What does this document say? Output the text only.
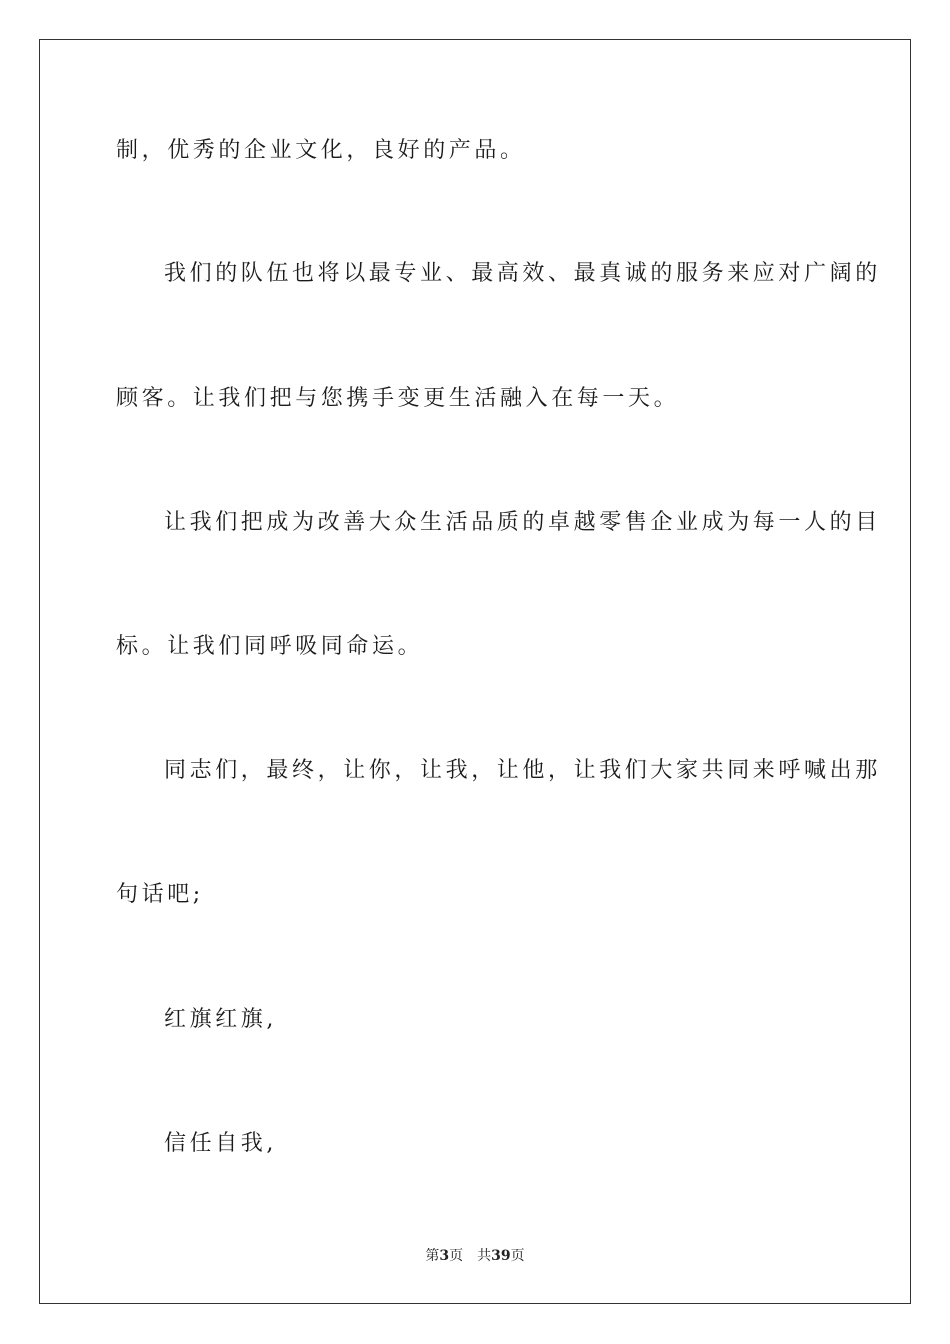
制，优秀的企业文化，良好的产品。
我们的队伍也将以最专业、最高效、最真诚的服务来应对广阔的
顾客。让我们把与您携手变更生活融入在每一天。
让我们把成为改善大众生活品质的卓越零售企业成为每一人的目
标。让我们同呼吸同命运。
同志们，最终，让你，让我，让他，让我们大家共同来呼喊出那
句话吧;
红旗红旗,
信任自我,
第3页 共39页
